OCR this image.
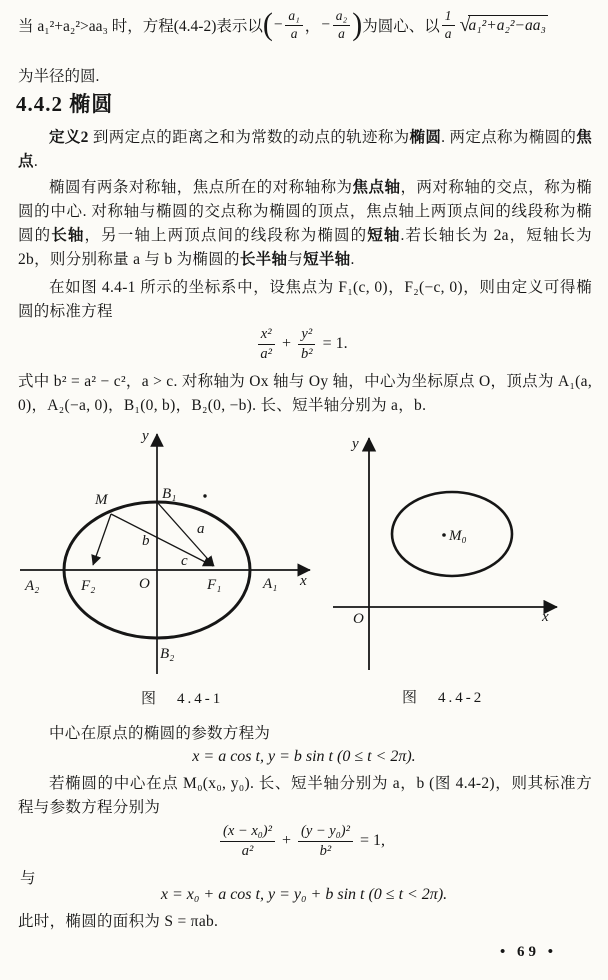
当 a₁²+a₂²>aa₃ 时，方程(4.4-2)表示以 ( − $\frac{\text{a₁}}{a}$ ， − $\frac{\text{a₂}}{a}$ ) 为圆心、以 $\frac{1}{a}$ √
a₁²+a₂²−aa₃
为半径的圆.
4.4.2 椭圆

定义2 到两定点的距离之和为常数的动点的轨迹称为椭圆. 两定点称为椭圆的焦点.

椭圆有两条对称轴，焦点所在的对称轴称为焦点轴，两对称轴的交点，称为椭圆的中心. 对称轴与椭圆的交点称为椭圆的顶点，焦点轴上两顶点间的线段称为椭圆的长轴，另一轴上两顶点间的线段称为椭圆的短轴.若长轴长为 2a，短轴长为 2b，则分别称量 a 与 b 为椭圆的长半轴与短半轴.

在如图 4.4-1 所示的坐标系中，设焦点为 F₁(c, 0)，F₂(−c, 0)，则由定义可得椭圆的标准方程

$\frac{\text{x²}}{\text{a²}} + \frac{\text{y²}}{\text{b²}} = 1$.

式中 b² = a² − c²，a > c. 对称轴为 Ox 轴与 Oy 轴，中心为坐标原点 O，顶点为 A₁(a, 0)，A₂(−a, 0)，B₁(0, b)，B₂(0, −b). 长、短半轴分别为 a，b.

y
x
B₁
B₂
A₁
A₂	F₁
F₂	O
M
a
b
c
M₀
O
y
x
图　4.4-1	图　4.4-2

中心在原点的椭圆的参数方程为

x = a cos t, y = b sin t (0 ≤ t < 2π).

若椭圆的中心在点 M₀(x₀, y₀). 长、短半轴分别为 a，b (图 4.4-2)，则其标准方程与参数方程分别为

$\frac{\text{(x − x₀)²}}{\text{a²}} + \frac{\text{(y − y₀)²}}{\text{b²}} = 1$,
与
x = x₀ + a cos t, y = y₀ + b sin t (0 ≤ t < 2π).

此时，椭圆的面积为 S = πab.

• 69 •
